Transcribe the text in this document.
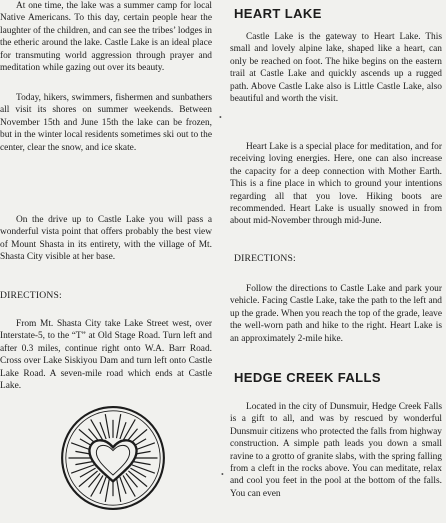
At one time, the lake was a summer camp for local Native Americans. To this day, certain people hear the laughter of the children, and can see the tribes’ lodges in the etheric around the lake. Castle Lake is an ideal place for transmuting world aggression through prayer and meditation while gazing out over its beauty.

Today, hikers, swimmers, fishermen and sunbathers all visit its shores on summer weekends. Between November 15th and June 15th the lake can be frozen, but in the winter local residents sometimes ski out to the center, clear the snow, and ice skate.

On the drive up to Castle Lake you will pass a wonderful vista point that offers probably the best view of Mount Shasta in its entirety, with the village of Mt. Shasta City visible at her base.

DIRECTIONS:

From Mt. Shasta City take Lake Street west, over Interstate-5, to the “T” at Old Stage Road. Turn left and after 0.3 miles, continue right onto W.A. Barr Road. Cross over Lake Siskiyou Dam and turn left onto Castle Lake Road. A seven-mile road which ends at Castle Lake.

•
•
HEART LAKE

Castle Lake is the gateway to Heart Lake. This small and lovely alpine lake, shaped like a heart, can only be reached on foot. The hike begins on the eastern trail at Castle Lake and quickly ascends up a rugged path. Above Castle Lake also is Little Castle Lake, also beautiful and worth the visit.

Heart Lake is a special place for meditation, and for receiving loving energies. Here, one can also increase the capacity for a deep connection with Mother Earth. This is a fine place in which to ground your intentions regarding all that you love. Hiking boots are recommended. Heart Lake is usually snowed in from about mid-November through mid-June.

DIRECTIONS:

Follow the directions to Castle Lake and park your vehicle. Facing Castle Lake, take the path to the left and up the grade. When you reach the top of the grade, leave the well-worn path and hike to the right. Heart Lake is an approximately 2-mile hike.

HEDGE CREEK FALLS

Located in the city of Dunsmuir, Hedge Creek Falls is a gift to all, and was by rescued by wonderful Dunsmuir citizens who protected the falls from highway construction. A simple path leads you down a small ravine to a grotto of granite slabs, with the spring falling from a cleft in the rocks above. You can meditate, relax and cool you feet in the pool at the bottom of the falls. You can even
